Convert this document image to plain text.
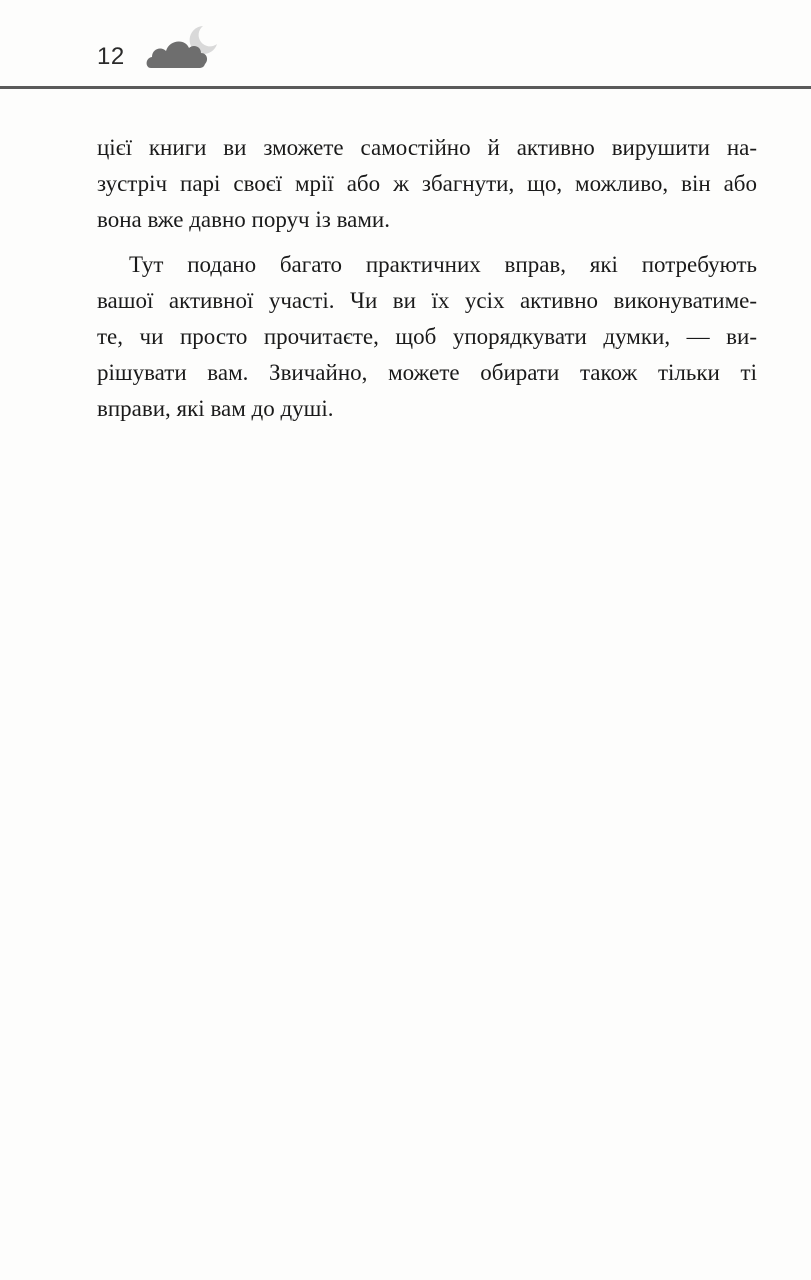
12

цієї книги ви зможете самостійно й активно вирушити на-
зустріч парі своєї мрії або ж збагнути, що, можливо, він або
вона вже давно поруч із вами.

Тут подано багато практичних вправ, які потребують
вашої активної участі. Чи ви їх усіх активно виконуватиме-
те, чи просто прочитаєте, щоб упорядкувати думки, — ви-
рішувати вам. Звичайно, можете обирати також тільки ті
вправи, які вам до душі.
